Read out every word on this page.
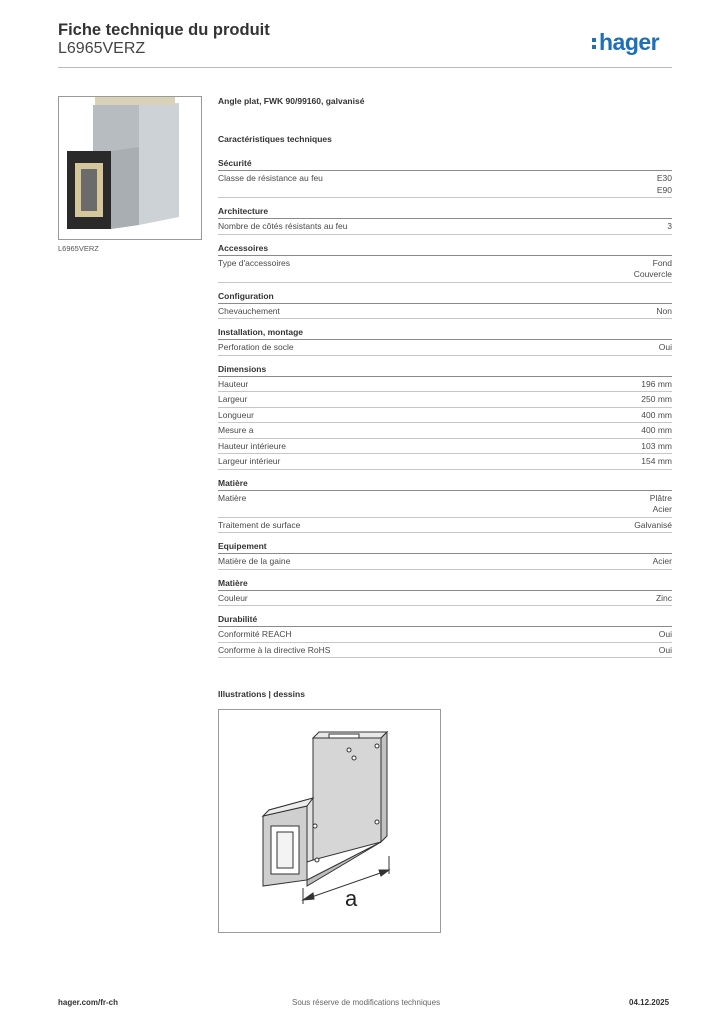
Fiche technique du produit
L6965VERZ	hager
L6965VERZ
Angle plat, FWK 90/99160, galvanisé
Caractéristiques techniques
Sécurité
Classe de résistance au feu	E30
E90
Architecture
Nombre de côtés résistants au feu	3
Accessoires
Type d'accessoires	Fond
Couvercle
Configuration
Chevauchement	Non
Installation, montage
Perforation de socle	Oui
Dimensions
Hauteur	196 mm
Largeur	250 mm
Longueur	400 mm
Mesure a	400 mm
Hauteur intérieure	103 mm
Largeur intérieur	154 mm
Matière
Matière	Plâtre
Acier
Traitement de surface	Galvanisé
Equipement
Matière de la gaine	Acier
Matière
Couleur	Zinc
Durabilité
Conformité REACH	Oui
Conforme à la directive RoHS	Oui
Illustrations | dessins
a
hager.com/fr-ch	Sous réserve de modifications techniques	04.12.2025
